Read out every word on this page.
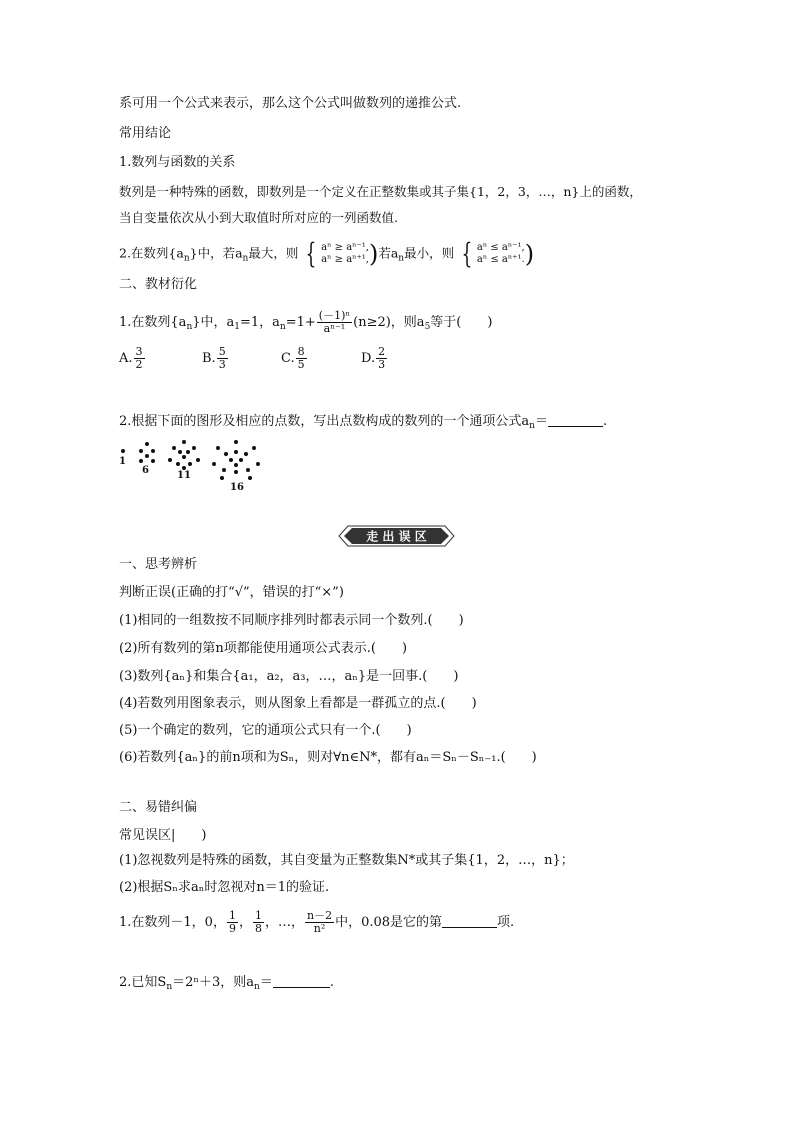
系可用一个公式来表示，那么这个公式叫做数列的递推公式.
常用结论
1.数列与函数的关系
数列是一种特殊的函数，即数列是一个定义在正整数集或其子集{1，2，3，…，n}上的函数，
当自变量依次从小到大取值时所对应的一列函数值.
2.在数列$\{a_n\}$中，若$a_n$最大，则 { aⁿ ≥ aⁿ⁻¹,
aⁿ ≥ aⁿ⁺¹, )若$a_n$最小，则 { aⁿ ≤ aⁿ⁻¹,
aⁿ ≤ aⁿ⁺¹. )
二、教材衍化
1.在数列$\{a_n\}$中，$a_1=1$，$a_n=1+ \frac{\text{(－1)ⁿ}}{\text{aⁿ⁻¹}} (n\ge 2)$，则$a_5$等于(　　)
A. $\frac{3}{2}$	B. $\frac{5}{3}$	C. $\frac{8}{5}$	D. $\frac{2}{3}$
2.根据下面的图形及相应的点数，写出点数构成的数列的一个通项公式$a_n=$	.
1
6	11
16
走 出 误 区
一、思考辨析
判断正误(正确的打“√”，错误的打“×”)
(1)相同的一组数按不同顺序排列时都表示同一个数列.(　　)
(2)所有数列的第n项都能使用通项公式表示.(　　)
(3)数列{aₙ}和集合{a₁，a₂，a₃，…，aₙ}是一回事.(　　)
(4)若数列用图象表示，则从图象上看都是一群孤立的点.(　　)
(5)一个确定的数列，它的通项公式只有一个.(　　)
(6)若数列{aₙ}的前n项和为Sₙ，则对∀n∈N*，都有aₙ＝Sₙ－Sₙ₋₁.(　　)
二、易错纠偏
常见误区|　　)
(1)忽视数列是特殊的函数，其自变量为正整数集N*或其子集{1，2，…，n}；
(2)根据Sₙ求aₙ时忽视对n＝1的验证.
1.在数列－1，0， $\frac{1}{9}$ ， $\frac{1}{8}$ ，…， $\frac{n-2}{\text{n²}}$ 中，0.08是它的第	项.
2.已知$S_n=2^n+3$，则$a_n=$	.
